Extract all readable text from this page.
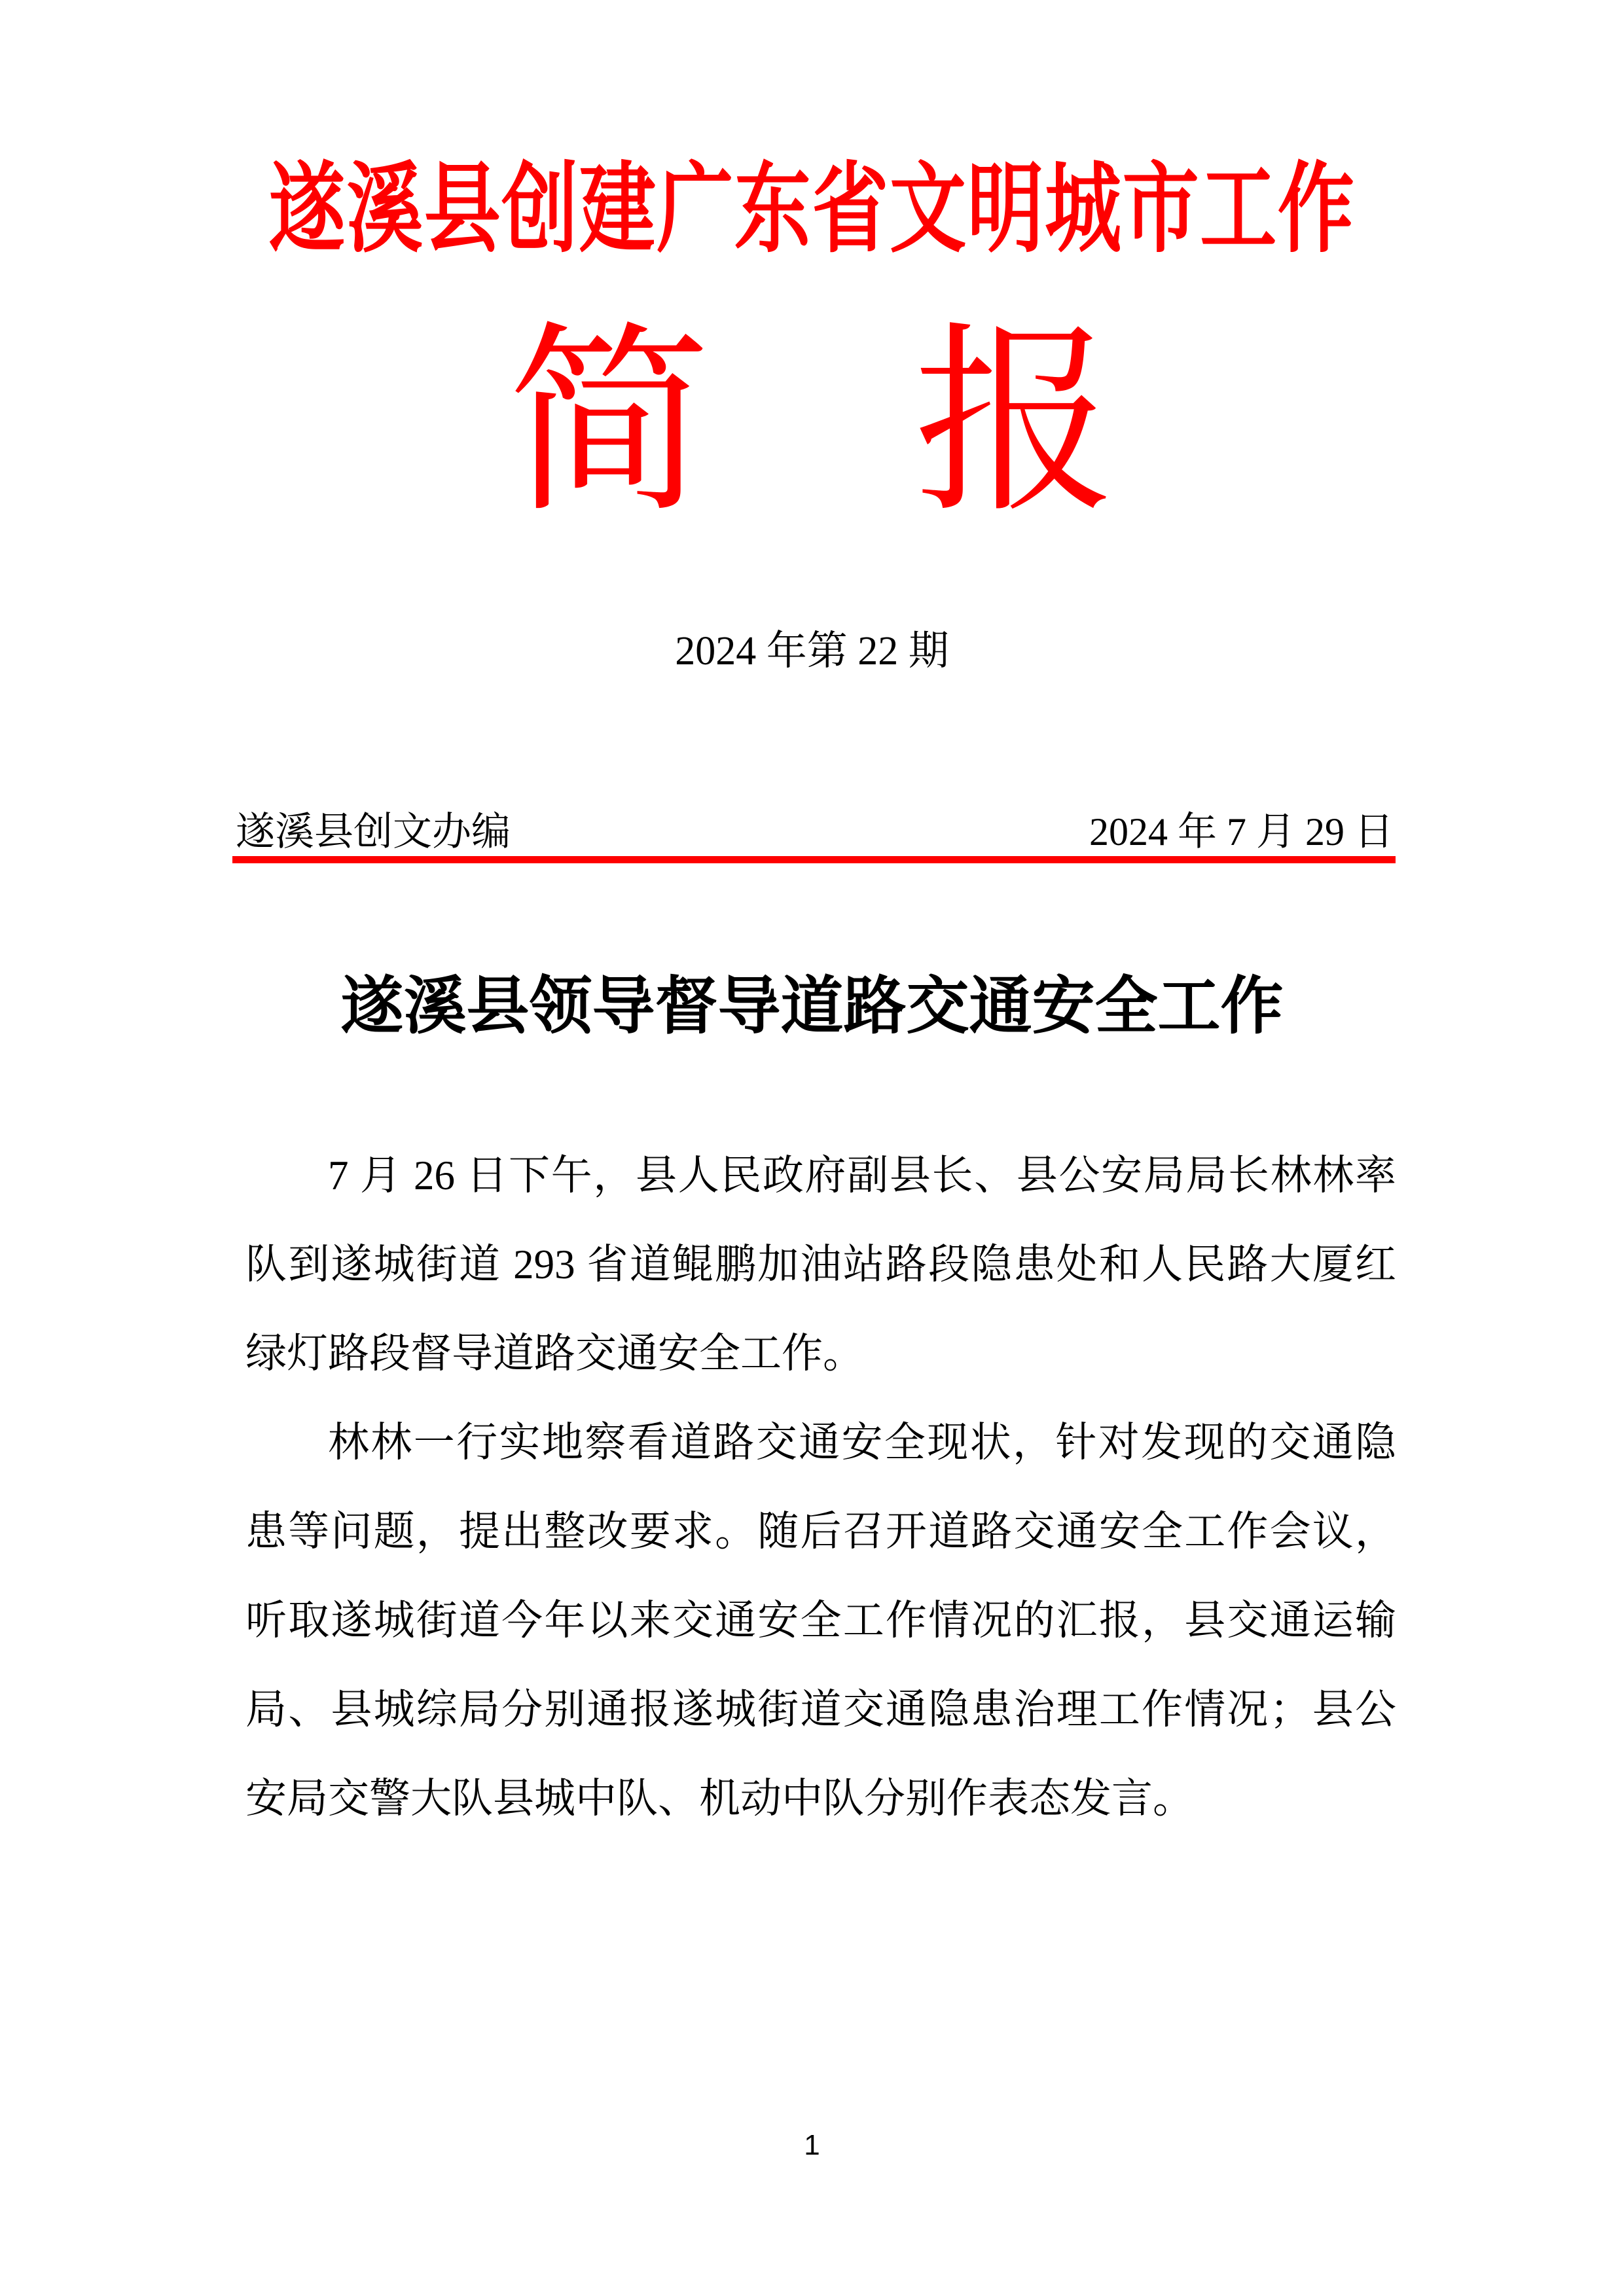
遂溪县创建广东省文明城市工作
简　报
2024 年第 22 期
遂溪县创文办编	2024 年 7 月 29 日
遂溪县领导督导道路交通安全工作

7 月 26 日下午，县人民政府副县长、县公安局局长林林率队到遂城街道 293 省道鲲鹏加油站路段隐患处和人民路大厦红绿灯路段督导道路交通安全工作。

林林一行实地察看道路交通安全现状，针对发现的交通隐患等问题，提出整改要求。随后召开道路交通安全工作会议，听取遂城街道今年以来交通安全工作情况的汇报，县交通运输局、县城综局分别通报遂城街道交通隐患治理工作情况；县公安局交警大队县城中队、机动中队分别作表态发言。

1
